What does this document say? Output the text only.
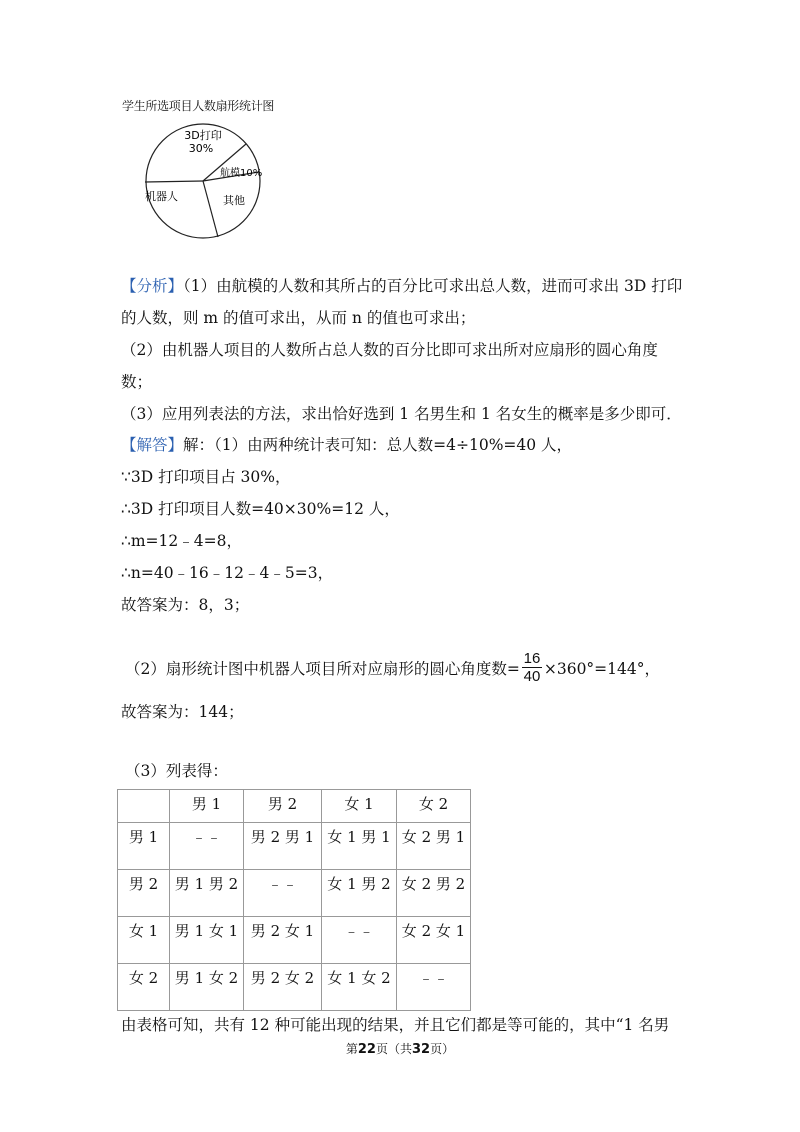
学生所选项目人数扇形统计图
3D打印
30%
航模10%
其他
机器人
【分析】（1）由航模的人数和其所占的百分比可求出总人数，进而可求出 3D 打印
的人数，则 m 的值可求出，从而 n 的值也可求出；
（2）由机器人项目的人数所占总人数的百分比即可求出所对应扇形的圆心角度
数；
（3）应用列表法的方法，求出恰好选到 1 名男生和 1 名女生的概率是多少即可．
【解答】解：（1）由两种统计表可知：总人数=4÷10%=40 人，
∵3D 打印项目占 30%，
∴3D 打印项目人数=40×30%=12 人，
∴m=12﹣4=8，
∴n=40﹣16﹣12﹣4﹣5=3，
故答案为：8，3；
（2）扇形统计图中机器人项目所对应扇形的圆心角度数= ×360°=144°，
16
40
故答案为：144；
（3）列表得：
	男 1	男 2	女 1	女 2
男 1	﹣﹣	男 2 男 1	女 1 男 1	女 2 男 1
男 2	男 1 男 2	﹣﹣	女 1 男 2	女 2 男 2
女 1	男 1 女 1	男 2 女 1	﹣﹣	女 2 女 1
女 2	男 1 女 2	男 2 女 2	女 1 女 2	﹣﹣
由表格可知，共有 12 种可能出现的结果，并且它们都是等可能的，其中“1 名男
第22页（共32页）
